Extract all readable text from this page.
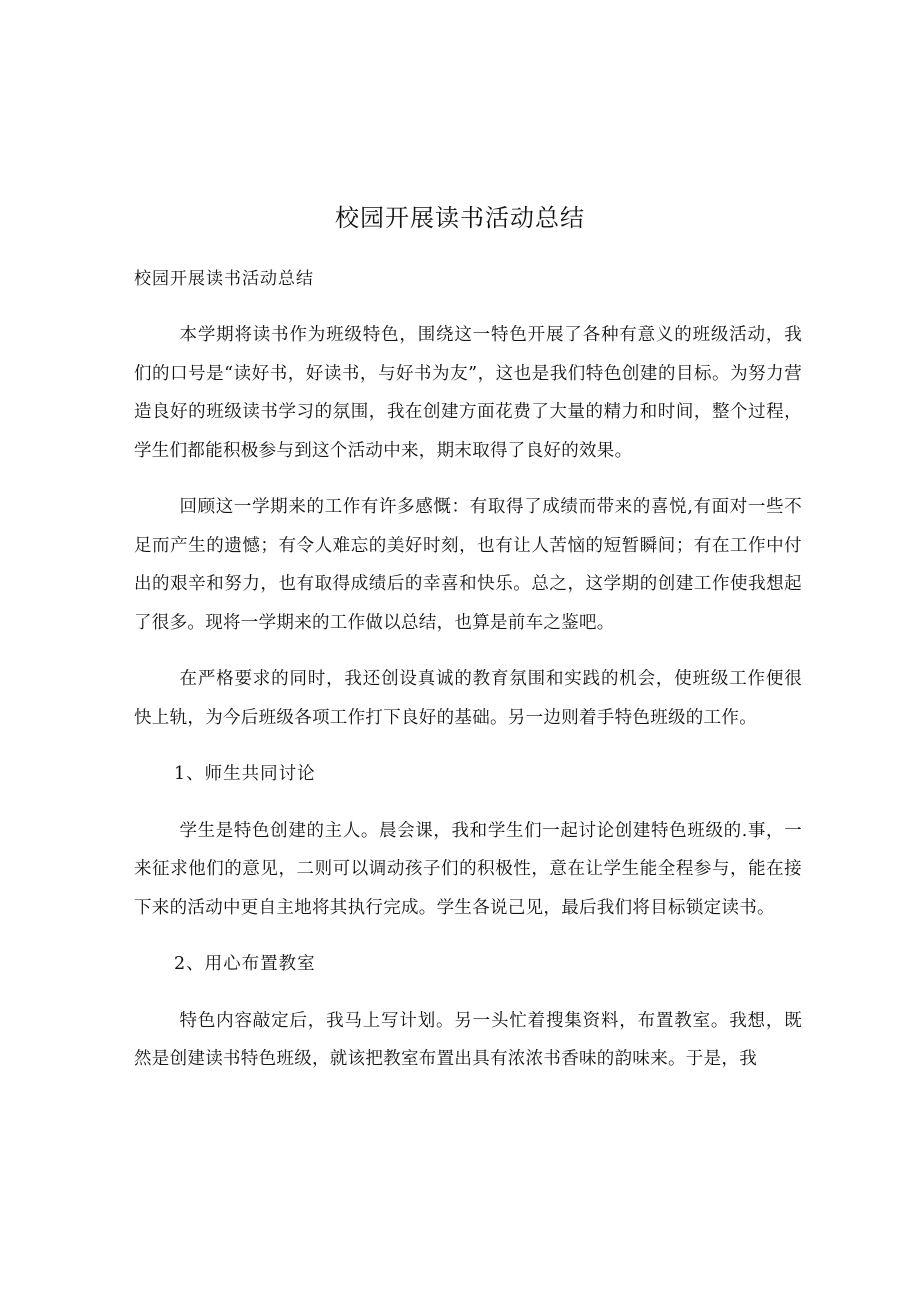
校园开展读书活动总结
校园开展读书活动总结

本学期将读书作为班级特色，围绕这一特色开展了各种有意义的班级活动，我们的口号是“读好书，好读书，与好书为友”，这也是我们特色创建的目标。为努力营造良好的班级读书学习的氛围，我在创建方面花费了大量的精力和时间，整个过程，学生们都能积极参与到这个活动中来，期末取得了良好的效果。

回顾这一学期来的工作有许多感慨：有取得了成绩而带来的喜悦,有面对一些不足而产生的遗憾；有令人难忘的美好时刻，也有让人苦恼的短暂瞬间；有在工作中付出的艰辛和努力，也有取得成绩后的幸喜和快乐。总之，这学期的创建工作使我想起了很多。现将一学期来的工作做以总结，也算是前车之鉴吧。

在严格要求的同时，我还创设真诚的教育氛围和实践的机会，使班级工作便很快上轨，为今后班级各项工作打下良好的基础。另一边则着手特色班级的工作。

1、师生共同讨论

学生是特色创建的主人。晨会课，我和学生们一起讨论创建特色班级的.事，一来征求他们的意见，二则可以调动孩子们的积极性，意在让学生能全程参与，能在接下来的活动中更自主地将其执行完成。学生各说己见，最后我们将目标锁定读书。

2、用心布置教室

特色内容敲定后，我马上写计划。另一头忙着搜集资料，布置教室。我想，既然是创建读书特色班级，就该把教室布置出具有浓浓书香味的韵味来。于是，我
